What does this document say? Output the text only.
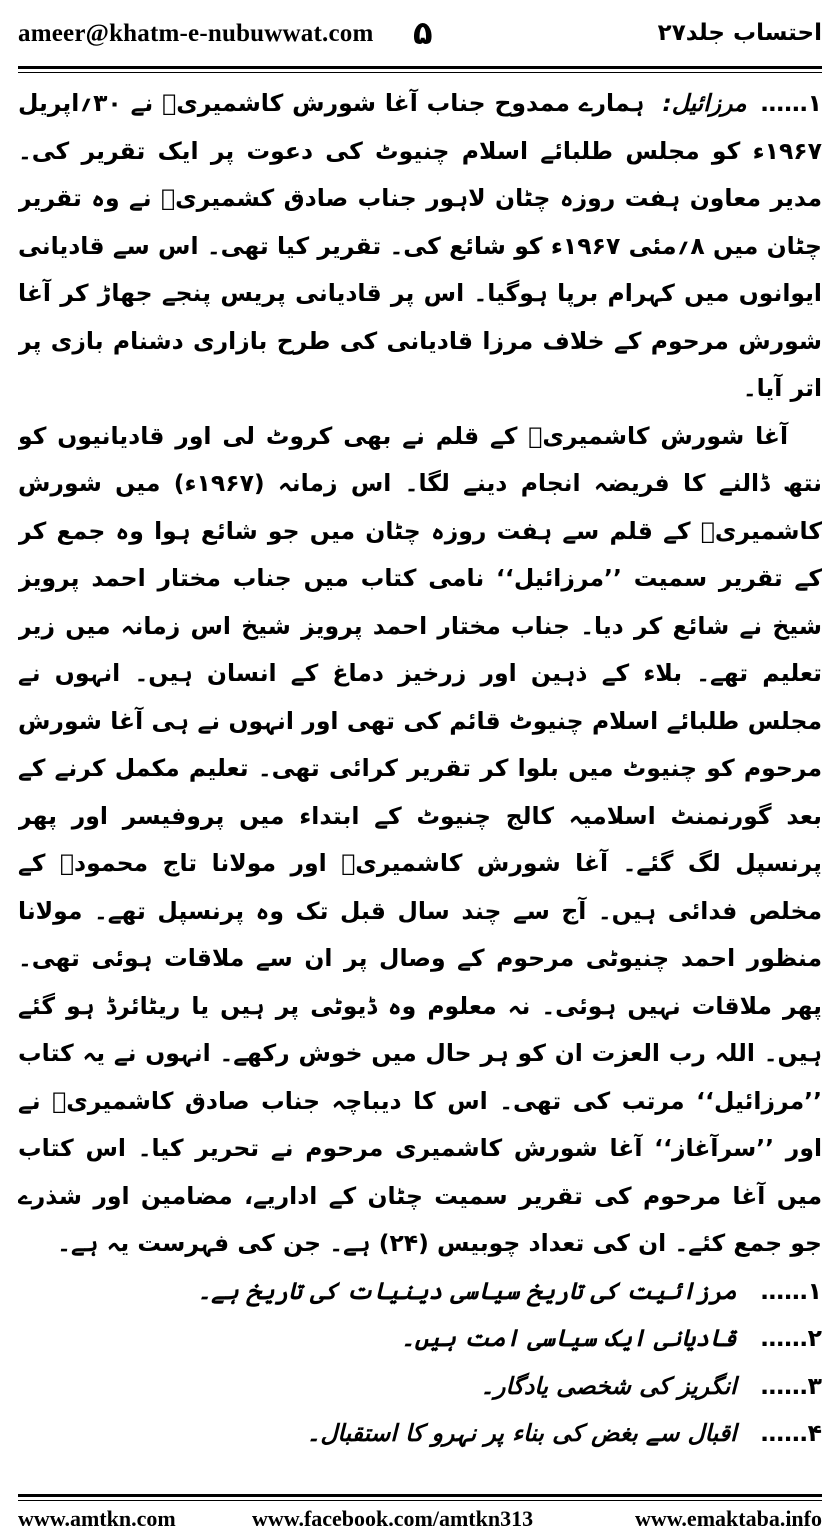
ameer@khatm-e-nubuwwat.com ۵	احتساب جلد۲۷

۱……مرزائیل:ہمارے ممدوح جناب آغا شورش کاشمیریؒ نے ۳۰؍اپریل ۱۹۶۷ء کو مجلس طلبائے اسلام چنیوٹ کی دعوت پر ایک تقریر کی۔ مدیر معاون ہفت روزہ چٹان لاہور جناب صادق کشمیریؒ نے وہ تقریر چٹان میں ۸؍مئی ۱۹۶۷ء کو شائع کی۔ تقریر کیا تھی۔ اس سے قادیانی ایوانوں میں کہرام برپا ہوگیا۔ اس پر قادیانی پریس پنجے جھاڑ کر آغا شورش مرحوم کے خلاف مرزا قادیانی کی طرح بازاری دشنام بازی پر اتر آیا۔

آغا شورش کاشمیریؒ کے قلم نے بھی کروٹ لی اور قادیانیوں کو نتھ ڈالنے کا فریضہ انجام دینے لگا۔ اس زمانہ (۱۹۶۷ء) میں شورش کاشمیریؒ کے قلم سے ہفت روزہ چٹان میں جو شائع ہوا وہ جمع کر کے تقریر سمیت ’’مرزائیل‘‘ نامی کتاب میں جناب مختار احمد پرویز شیخ نے شائع کر دیا۔ جناب مختار احمد پرویز شیخ اس زمانہ میں زیر تعلیم تھے۔ بلاء کے ذہین اور زرخیز دماغ کے انسان ہیں۔ انہوں نے مجلس طلبائے اسلام چنیوٹ قائم کی تھی اور انہوں نے ہی آغا شورش مرحوم کو چنیوٹ میں بلوا کر تقریر کرائی تھی۔ تعلیم مکمل کرنے کے بعد گورنمنٹ اسلامیہ کالج چنیوٹ کے ابتداء میں پروفیسر اور پھر پرنسپل لگ گئے۔ آغا شورش کاشمیریؒ اور مولانا تاج محمودؒ کے مخلص فدائی ہیں۔ آج سے چند سال قبل تک وہ پرنسپل تھے۔ مولانا منظور احمد چنیوٹی مرحوم کے وصال پر ان سے ملاقات ہوئی تھی۔ پھر ملاقات نہیں ہوئی۔ نہ معلوم وہ ڈیوٹی پر ہیں یا ریٹائرڈ ہو گئے ہیں۔ اللہ رب العزت ان کو ہر حال میں خوش رکھے۔ انہوں نے یہ کتاب ’’مرزائیل‘‘ مرتب کی تھی۔ اس کا دیباچہ جناب صادق کاشمیریؒ نے اور ’’سرآغاز‘‘ آغا شورش کاشمیری مرحوم نے تحریر کیا۔ اس کتاب میں آغا مرحوم کی تقریر سمیت چٹان کے اداریے، مضامین اور شذرے جو جمع کئے۔ ان کی تعداد چوبیس (۲۴) ہے۔ جن کی فہرست یہ ہے۔

۱……مرزائیت کی تاریخ سیاسی دینیات کی تاریخ ہے۔
۲……قادیانی ایک سیاسی امت ہیں۔
۳……انگریز کی شخصی یادگار۔
۴……اقبال سے بغض کی بناء پر نہرو کا استقبال۔
www.amtkn.com	www.facebook.com/amtkn313	www.emaktaba.info
